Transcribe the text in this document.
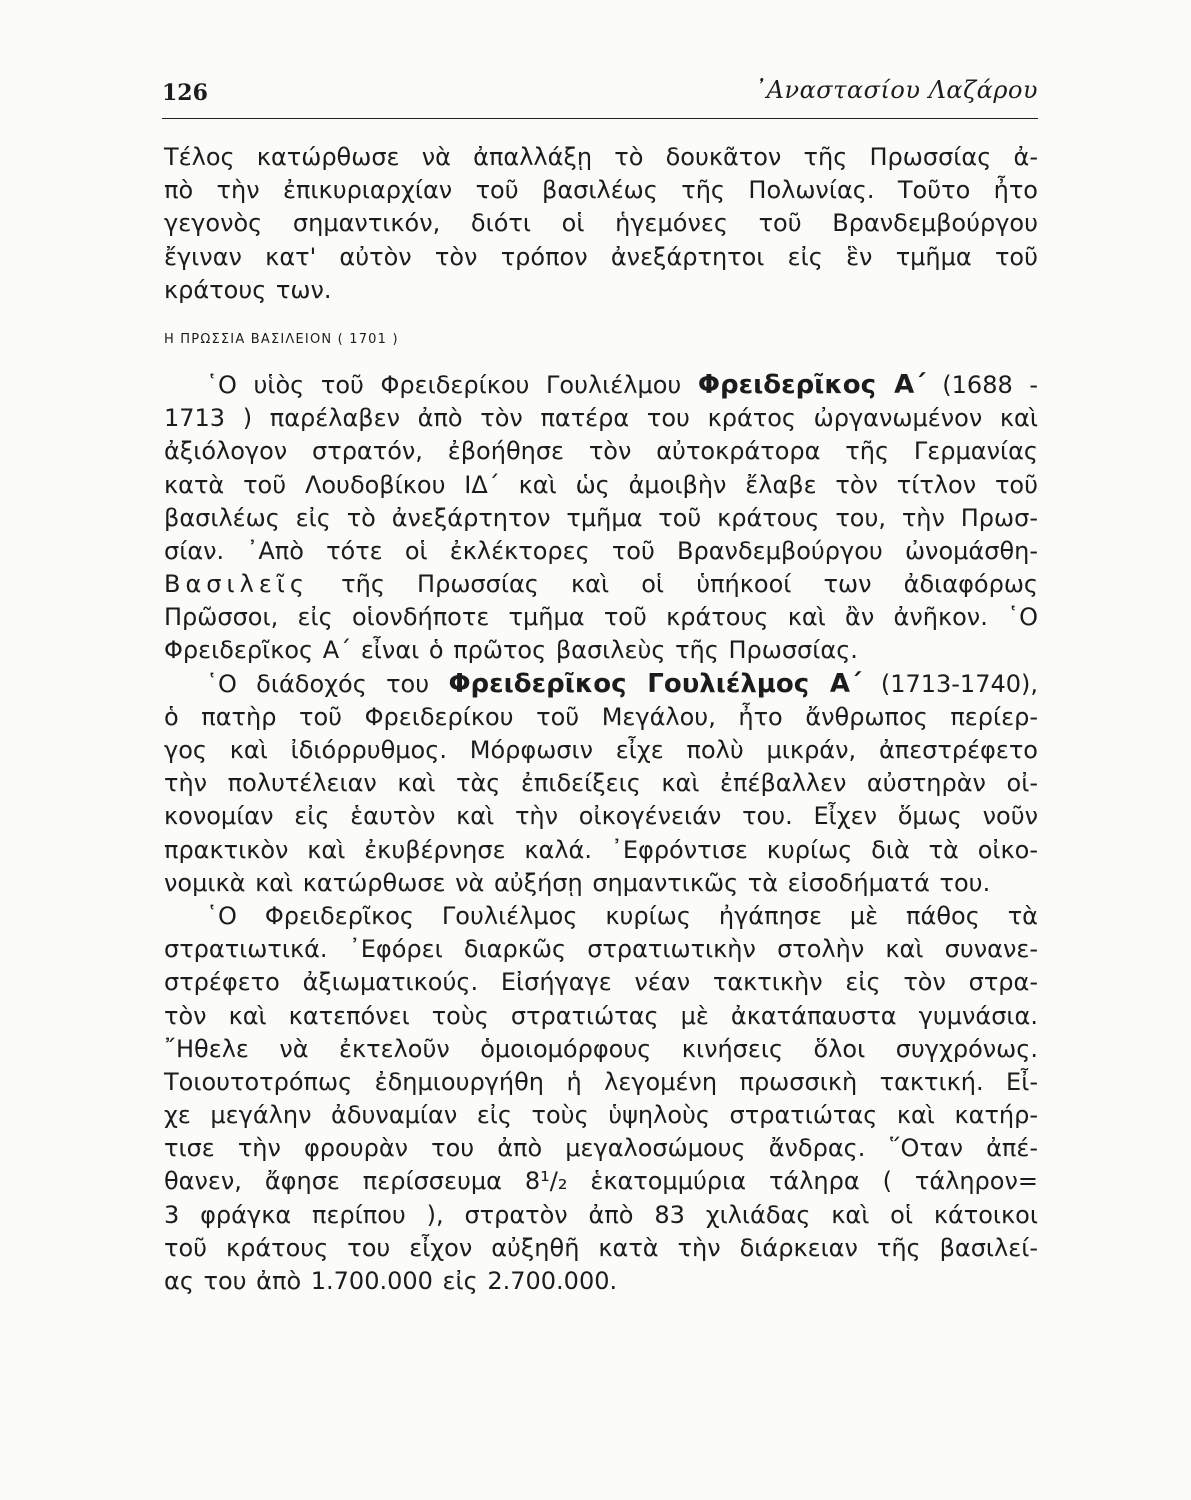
126	᾿Αναστασίου Λαζάρου
Τέλος κατώρθωσε νὰ ἀπαλλάξῃ τὸ δουκᾶτον τῆς Πρωσσίας ἀ-
πὸ τὴν ἐπικυριαρχίαν τοῦ βασιλέως τῆς Πολωνίας. Τοῦτο ἦτο
γεγονὸς σημαντικόν, διότι οἱ ἡγεμόνες τοῦ Βρανδεμβούργου
ἔγιναν κατ' αὐτὸν τὸν τρόπον ἀνεξάρτητοι εἰς ἓν τμῆμα τοῦ
κράτους των.
Η ΠΡΩΣΣΙΑ ΒΑΣΙΛΕΙΟΝ ( 1701 )
῾Ο υἱὸς τοῦ Φρειδερίκου Γουλιέλμου Φρειδερῖκος Α΄ (1688 -
1713 ) παρέλαβεν ἀπὸ τὸν πατέρα του κράτος ὠργανωμένον καὶ
ἀξιόλογον στρατόν, ἐβοήθησε τὸν αὐτοκράτορα τῆς Γερμανίας
κατὰ τοῦ Λουδοβίκου ΙΔ΄ καὶ ὡς ἀμοιβὴν ἔλαβε τὸν τίτλον τοῦ
βασιλέως εἰς τὸ ἀνεξάρτητον τμῆμα τοῦ κράτους του, τὴν Πρωσ-
σίαν. ᾿Απὸ τότε οἱ ἐκλέκτορες τοῦ Βρανδεμβούργου ὠνομάσθη-
Βασιλεῖς τῆς Πρωσσίας καὶ οἱ ὑπήκοοί των ἀδιαφόρως
Πρῶσσοι, εἰς οἱονδήποτε τμῆμα τοῦ κράτους καὶ ἂν ἀνῆκον. ῾Ο
Φρειδερῖκος Α΄ εἶναι ὁ πρῶτος βασιλεὺς τῆς Πρωσσίας.
῾Ο διάδοχός του Φρειδερῖκος Γουλιέλμος Α΄ (1713-1740),
ὁ πατὴρ τοῦ Φρειδερίκου τοῦ Μεγάλου, ἦτο ἄνθρωπος περίερ-
γος καὶ ἰδιόρρυθμος. Μόρφωσιν εἶχε πολὺ μικράν, ἀπεστρέφετο
τὴν πολυτέλειαν καὶ τὰς ἐπιδείξεις καὶ ἐπέβαλλεν αὐστηρὰν οἰ-
κονομίαν εἰς ἑαυτὸν καὶ τὴν οἰκογένειάν του. Εἶχεν ὅμως νοῦν
πρακτικὸν καὶ ἐκυβέρνησε καλά. ᾿Εφρόντισε κυρίως διὰ τὰ οἰκο-
νομικὰ καὶ κατώρθωσε νὰ αὐξήσῃ σημαντικῶς τὰ εἰσοδήματά του.
῾Ο Φρειδερῖκος Γουλιέλμος κυρίως ἠγάπησε μὲ πάθος τὰ
στρατιωτικά. ᾿Εφόρει διαρκῶς στρατιωτικὴν στολὴν καὶ συνανε-
στρέφετο ἀξιωματικούς. Εἰσήγαγε νέαν τακτικὴν εἰς τὸν στρα-
τὸν καὶ κατεπόνει τοὺς στρατιώτας μὲ ἀκατάπαυστα γυμνάσια.
῎Ηθελε νὰ ἐκτελοῦν ὁμοιομόρφους κινήσεις ὅλοι συγχρόνως.
Τοιουτοτρόπως ἐδημιουργήθη ἡ λεγομένη πρωσσικὴ τακτική. Εἶ-
χε μεγάλην ἀδυναμίαν εἰς τοὺς ὑψηλοὺς στρατιώτας καὶ κατήρ-
τισε τὴν φρουρὰν του ἀπὸ μεγαλοσώμους ἄνδρας. ῞Οταν ἀπέ-
θανεν, ἄφησε περίσσευμα 8¹/₂ ἑκατομμύρια τάληρα ( τάληρον=
3 φράγκα περίπου ), στρατὸν ἀπὸ 83 χιλιάδας καὶ οἱ κάτοικοι
τοῦ κράτους του εἶχον αὐξηθῆ κατὰ τὴν διάρκειαν τῆς βασιλεί-
ας του ἀπὸ 1.700.000 εἰς 2.700.000.
